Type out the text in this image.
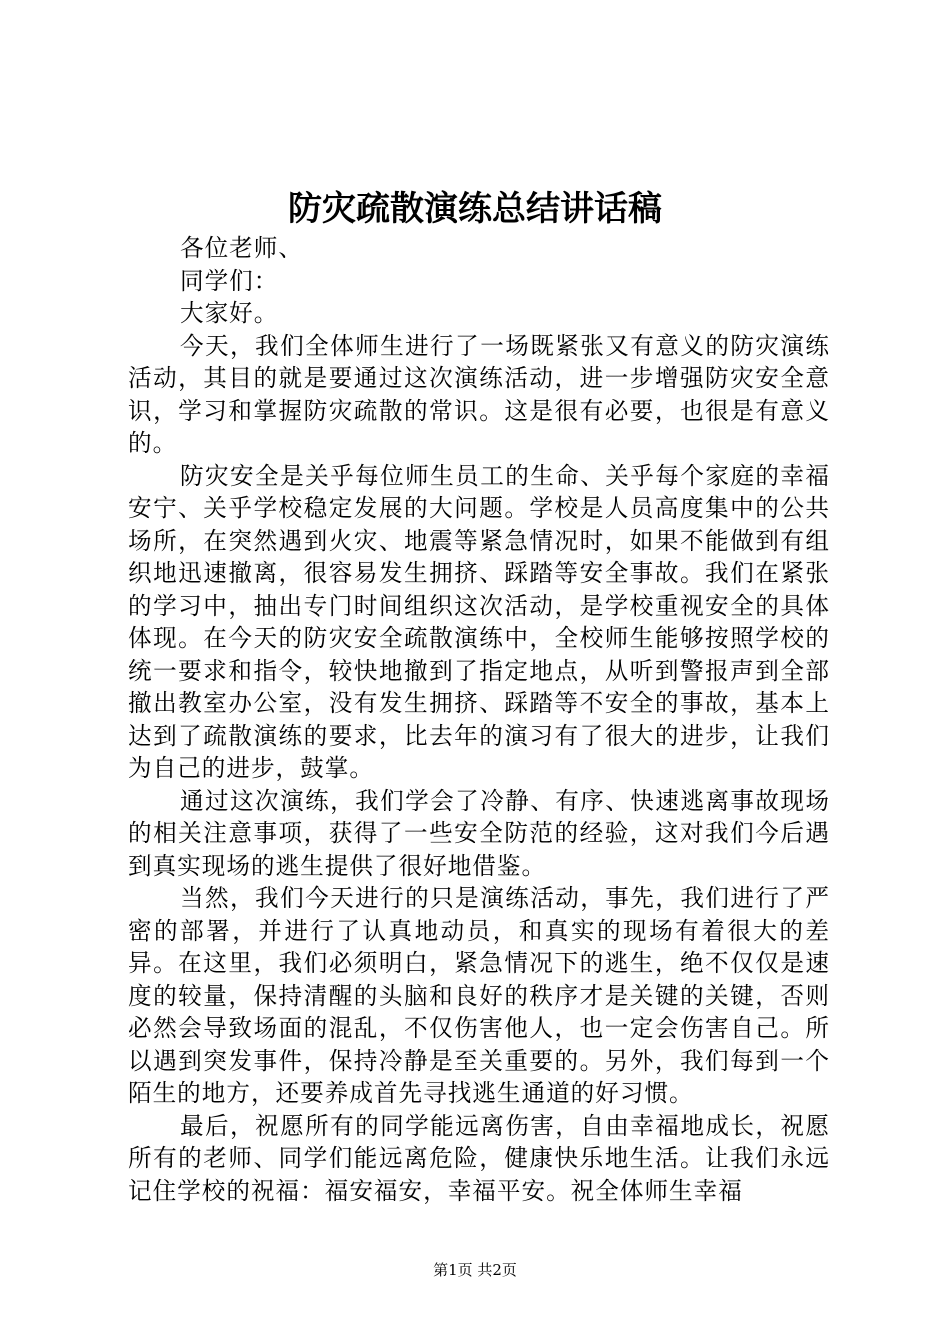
防灾疏散演练总结讲话稿

各位老师、

同学们：

大家好。

今天，我们全体师生进行了一场既紧张又有意义的防灾演练活动，其目的就是要通过这次演练活动，进一步增强防灾安全意识，学习和掌握防灾疏散的常识。这是很有必要，也很是有意义的。

防灾安全是关乎每位师生员工的生命、关乎每个家庭的幸福安宁、关乎学校稳定发展的大问题。学校是人员高度集中的公共场所，在突然遇到火灾、地震等紧急情况时，如果不能做到有组织地迅速撤离，很容易发生拥挤、踩踏等安全事故。我们在紧张的学习中，抽出专门时间组织这次活动，是学校重视安全的具体体现。在今天的防灾安全疏散演练中，全校师生能够按照学校的统一要求和指令，较快地撤到了指定地点，从听到警报声到全部撤出教室办公室，没有发生拥挤、踩踏等不安全的事故，基本上达到了疏散演练的要求，比去年的演习有了很大的进步，让我们为自己的进步，鼓掌。

通过这次演练，我们学会了冷静、有序、快速逃离事故现场的相关注意事项，获得了一些安全防范的经验，这对我们今后遇到真实现场的逃生提供了很好地借鉴。

当然，我们今天进行的只是演练活动，事先，我们进行了严密的部署，并进行了认真地动员，和真实的现场有着很大的差异。在这里，我们必须明白，紧急情况下的逃生，绝不仅仅是速度的较量，保持清醒的头脑和良好的秩序才是关键的关键，否则必然会导致场面的混乱，不仅伤害他人，也一定会伤害自己。所以遇到突发事件，保持冷静是至关重要的。另外，我们每到一个陌生的地方，还要养成首先寻找逃生通道的好习惯。

最后，祝愿所有的同学能远离伤害，自由幸福地成长，祝愿所有的老师、同学们能远离危险，健康快乐地生活。让我们永远记住学校的祝福：福安福安，幸福平安。祝全体师生幸福

第1页 共2页
